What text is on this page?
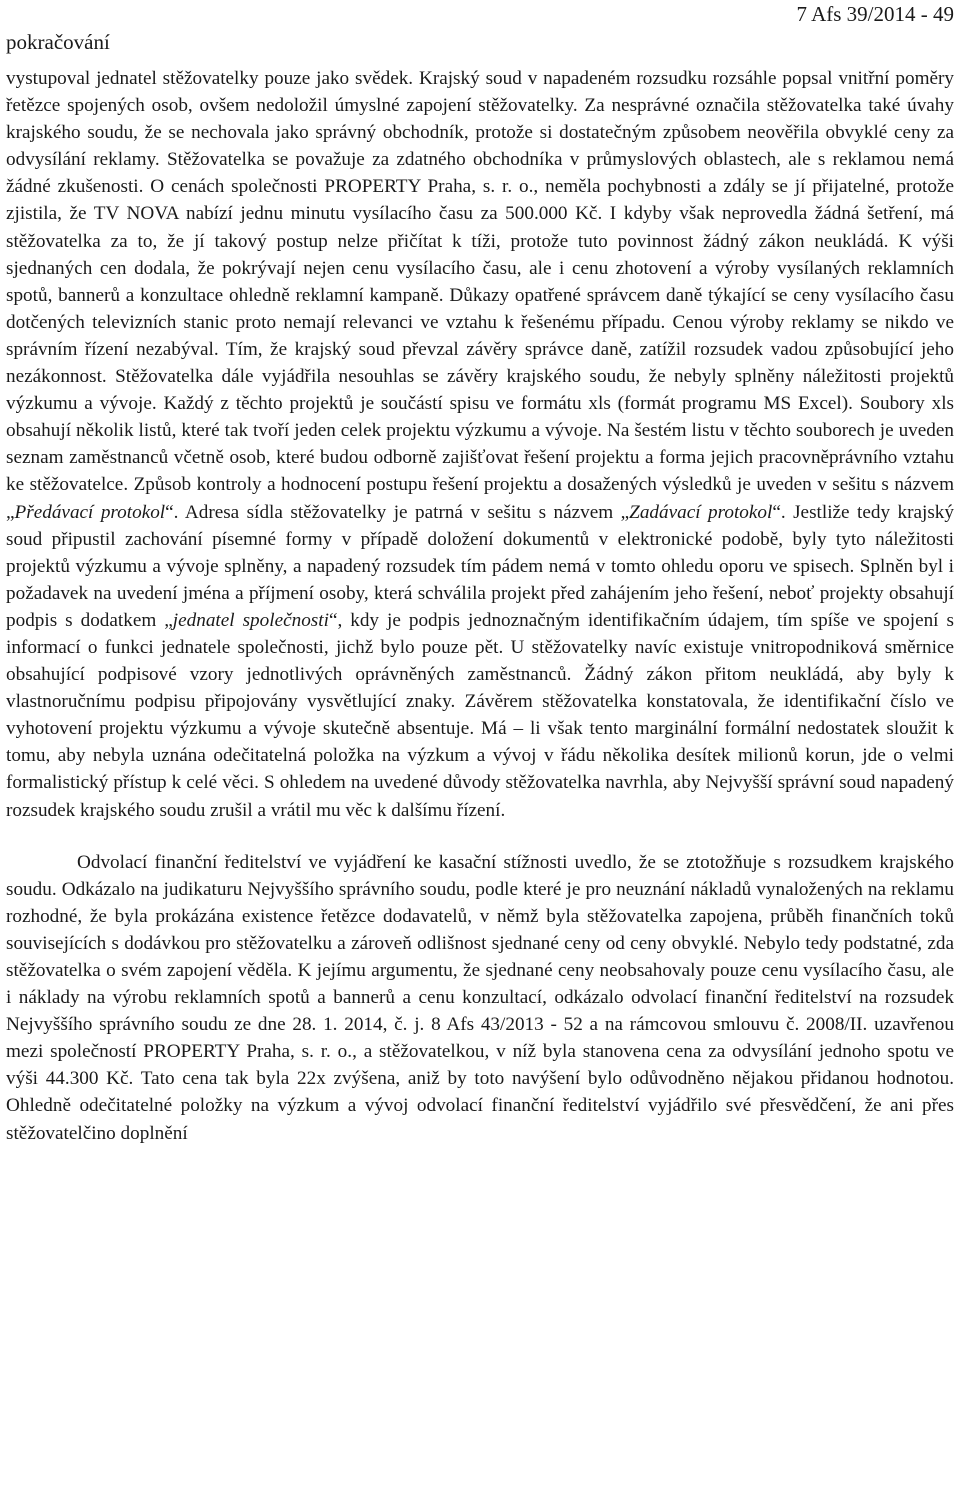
pokračování
7 Afs 39/2014 - 49

vystupoval jednatel stěžovatelky pouze jako svědek. Krajský soud v napadeném rozsudku rozsáhle popsal vnitřní poměry řetězce spojených osob, ovšem nedoložil úmyslné zapojení stěžovatelky. Za nesprávné označila stěžovatelka také úvahy krajského soudu, že se nechovala jako správný obchodník, protože si dostatečným způsobem neověřila obvyklé ceny za odvysílání reklamy. Stěžovatelka se považuje za zdatného obchodníka v průmyslových oblastech, ale s reklamou nemá žádné zkušenosti. O cenách společnosti PROPERTY Praha, s. r. o., neměla pochybnosti a zdály se jí přijatelné, protože zjistila, že TV NOVA nabízí jednu minutu vysílacího času za 500.000 Kč. I kdyby však neprovedla žádná šetření, má stěžovatelka za to, že jí takový postup nelze přičítat k tíži, protože tuto povinnost žádný zákon neukládá. K výši sjednaných cen dodala, že pokrývají nejen cenu vysílacího času, ale i cenu zhotovení a výroby vysílaných reklamních spotů, bannerů a konzultace ohledně reklamní kampaně. Důkazy opatřené správcem daně týkající se ceny vysílacího času dotčených televizních stanic proto nemají relevanci ve vztahu k řešenému případu. Cenou výroby reklamy se nikdo ve správním řízení nezabýval. Tím, že krajský soud převzal závěry správce daně, zatížil rozsudek vadou způsobující jeho nezákonnost. Stěžovatelka dále vyjádřila nesouhlas se závěry krajského soudu, že nebyly splněny náležitosti projektů výzkumu a vývoje. Každý z těchto projektů je součástí spisu ve formátu xls (formát programu MS Excel). Soubory xls obsahují několik listů, které tak tvoří jeden celek projektu výzkumu a vývoje. Na šestém listu v těchto souborech je uveden seznam zaměstnanců včetně osob, které budou odborně zajišťovat řešení projektu a forma jejich pracovněprávního vztahu ke stěžovatelce. Způsob kontroly a hodnocení postupu řešení projektu a dosažených výsledků je uveden v sešitu s názvem „Předávací protokol“. Adresa sídla stěžovatelky je patrná v sešitu s názvem „Zadávací protokol“. Jestliže tedy krajský soud připustil zachování písemné formy v případě doložení dokumentů v elektronické podobě, byly tyto náležitosti projektů výzkumu a vývoje splněny, a napadený rozsudek tím pádem nemá v tomto ohledu oporu ve spisech. Splněn byl i požadavek na uvedení jména a příjmení osoby, která schválila projekt před zahájením jeho řešení, neboť projekty obsahují podpis s dodatkem „jednatel společnosti“, kdy je podpis jednoznačným identifikačním údajem, tím spíše ve spojení s informací o funkci jednatele společnosti, jichž bylo pouze pět. U stěžovatelky navíc existuje vnitropodniková směrnice obsahující podpisové vzory jednotlivých oprávněných zaměstnanců. Žádný zákon přitom neukládá, aby byly k vlastnoručnímu podpisu připojovány vysvětlující znaky. Závěrem stěžovatelka konstatovala, že identifikační číslo ve vyhotovení projektu výzkumu a vývoje skutečně absentuje. Má – li však tento marginální formální nedostatek sloužit k tomu, aby nebyla uznána odečitatelná položka na výzkum a vývoj v řádu několika desítek milionů korun, jde o velmi formalistický přístup k celé věci. S ohledem na uvedené důvody stěžovatelka navrhla, aby Nejvyšší správní soud napadený rozsudek krajského soudu zrušil a vrátil mu věc k dalšímu řízení.

Odvolací finanční ředitelství ve vyjádření ke kasační stížnosti uvedlo, že se ztotožňuje s rozsudkem krajského soudu. Odkázalo na judikaturu Nejvyššího správního soudu, podle které je pro neuznání nákladů vynaložených na reklamu rozhodné, že byla prokázána existence řetězce dodavatelů, v němž byla stěžovatelka zapojena, průběh finančních toků souvisejících s dodávkou pro stěžovatelku a zároveň odlišnost sjednané ceny od ceny obvyklé. Nebylo tedy podstatné, zda stěžovatelka o svém zapojení věděla. K jejímu argumentu, že sjednané ceny neobsahovaly pouze cenu vysílacího času, ale i náklady na výrobu reklamních spotů a bannerů a cenu konzultací, odkázalo odvolací finanční ředitelství na rozsudek Nejvyššího správního soudu ze dne 28. 1. 2014, č. j. 8 Afs 43/2013 - 52 a na rámcovou smlouvu č. 2008/II. uzavřenou mezi společností PROPERTY Praha, s. r. o., a stěžovatelkou, v níž byla stanovena cena za odvysílání jednoho spotu ve výši 44.300 Kč. Tato cena tak byla 22x zvýšena, aniž by toto navýšení bylo odůvodněno nějakou přidanou hodnotou. Ohledně odečitatelné položky na výzkum a vývoj odvolací finanční ředitelství vyjádřilo své přesvědčení, že ani přes stěžovatelčino doplnění
